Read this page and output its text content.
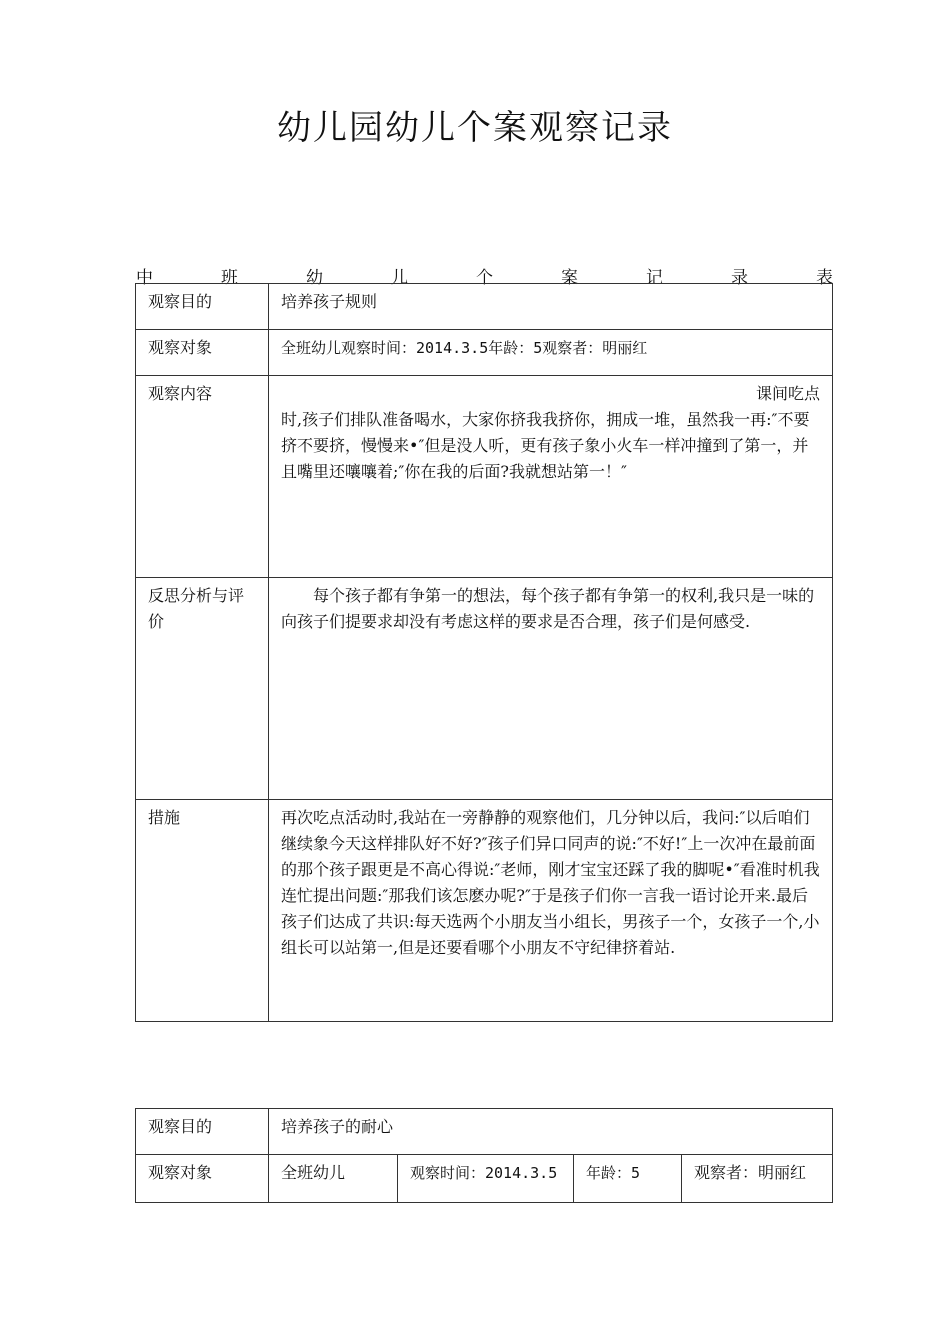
幼儿园幼儿个案观察记录
中	班	幼	儿	个	案	记	录	表
观察目的	培养孩子规则
观察对象	全班幼儿观察时间：2014.3.5年龄：5观察者：明丽红
观察内容	课间吃点
时,孩子们排队准备喝水，大家你挤我我挤你，拥成一堆，虽然我一再:″不要挤不要挤，慢慢来•″但是没人听，更有孩子象小火车一样冲撞到了第一，并且嘴里还嚷嚷着;″你在我的后面?我就想站第一！″
反思分析与评价	每个孩子都有争第一的想法，每个孩子都有争第一的权利,我只是一味的向孩子们提要求却没有考虑这样的要求是否合理，孩子们是何感受.
措施	再次吃点活动时,我站在一旁静静的观察他们，几分钟以后，我问:″以后咱们继续象今天这样排队好不好?″孩子们异口同声的说:″不好!″上一次冲在最前面的那个孩子跟更是不高心得说:″老师，刚才宝宝还踩了我的脚呢•″看准时机我连忙提出问题:″那我们该怎麽办呢?″于是孩子们你一言我一语讨论开来.最后孩子们达成了共识:每天选两个小朋友当小组长，男孩子一个，女孩子一个,小组长可以站第一,但是还要看哪个小朋友不守纪律挤着站.
观察目的	培养孩子的耐心			
观察对象	全班幼儿	观察时间：2014.3.5	年龄：5	观察者：明丽红
